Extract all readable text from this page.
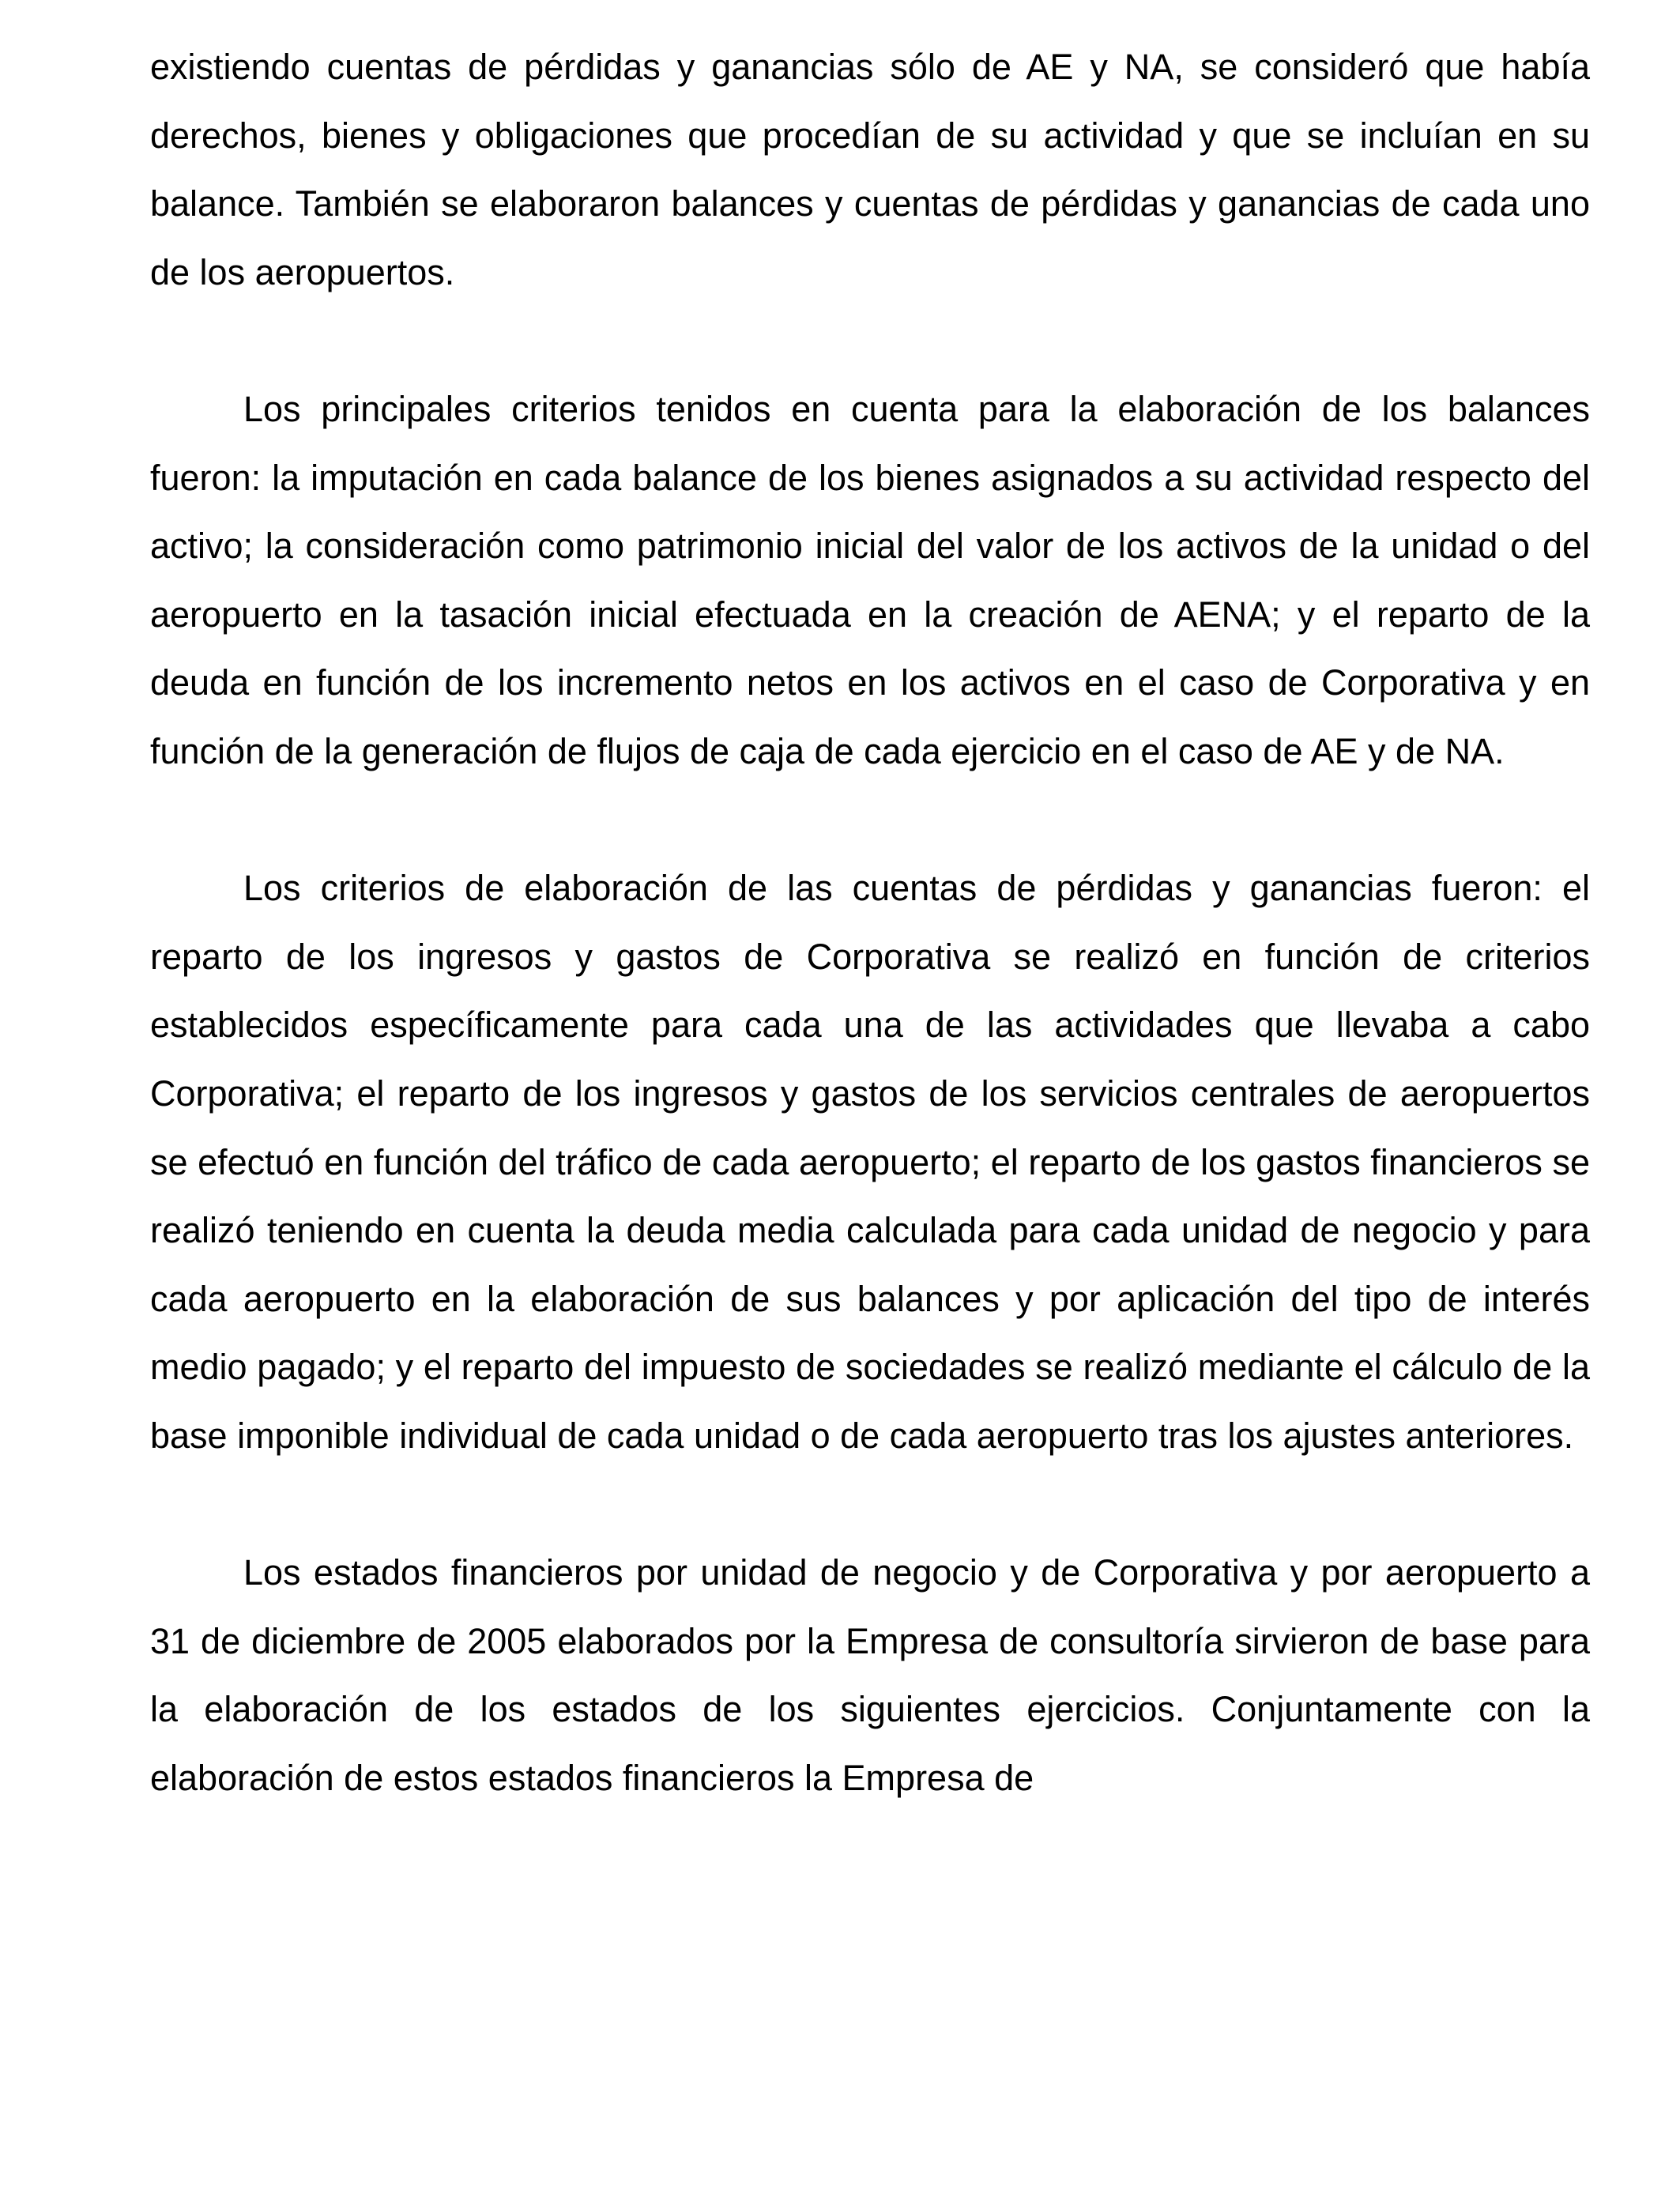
existiendo cuentas de pérdidas y ganancias sólo de AE y NA, se consideró que había derechos, bienes y obligaciones que procedían de su actividad y que se incluían en su balance. También se elaboraron balances y cuentas de pérdidas y ganancias de cada uno de los aeropuertos.

Los principales criterios tenidos en cuenta para la elaboración de los balances fueron: la imputación en cada balance de los bienes asignados a su actividad respecto del activo; la consideración como patrimonio inicial del valor de los activos de la unidad o del aeropuerto en la tasación inicial efectuada en la creación de AENA; y el reparto de la deuda en función de los incremento netos en los activos en el caso de Corporativa y en función de la generación de flujos de caja de cada ejercicio en el caso de AE y de NA.

Los criterios de elaboración de las cuentas de pérdidas y ganancias fueron: el reparto de los ingresos y gastos de Corporativa se realizó en función de criterios establecidos específicamente para cada una de las actividades que llevaba a cabo Corporativa; el reparto de los ingresos y gastos de los servicios centrales de aeropuertos se efectuó en función del tráfico de cada aeropuerto; el reparto de los gastos financieros se realizó teniendo en cuenta la deuda media calculada para cada unidad de negocio y para cada aeropuerto en la elaboración de sus balances y por aplicación del tipo de interés medio pagado; y el reparto del impuesto de sociedades se realizó mediante el cálculo de la base imponible individual de cada unidad o de cada aeropuerto tras los ajustes anteriores.

Los estados financieros por unidad de negocio y de Corporativa y por aeropuerto a 31 de diciembre de 2005 elaborados por la Empresa de consultoría sirvieron de base para la elaboración de los estados de los siguientes ejercicios. Conjuntamente con la elaboración de estos estados financieros la Empresa de
